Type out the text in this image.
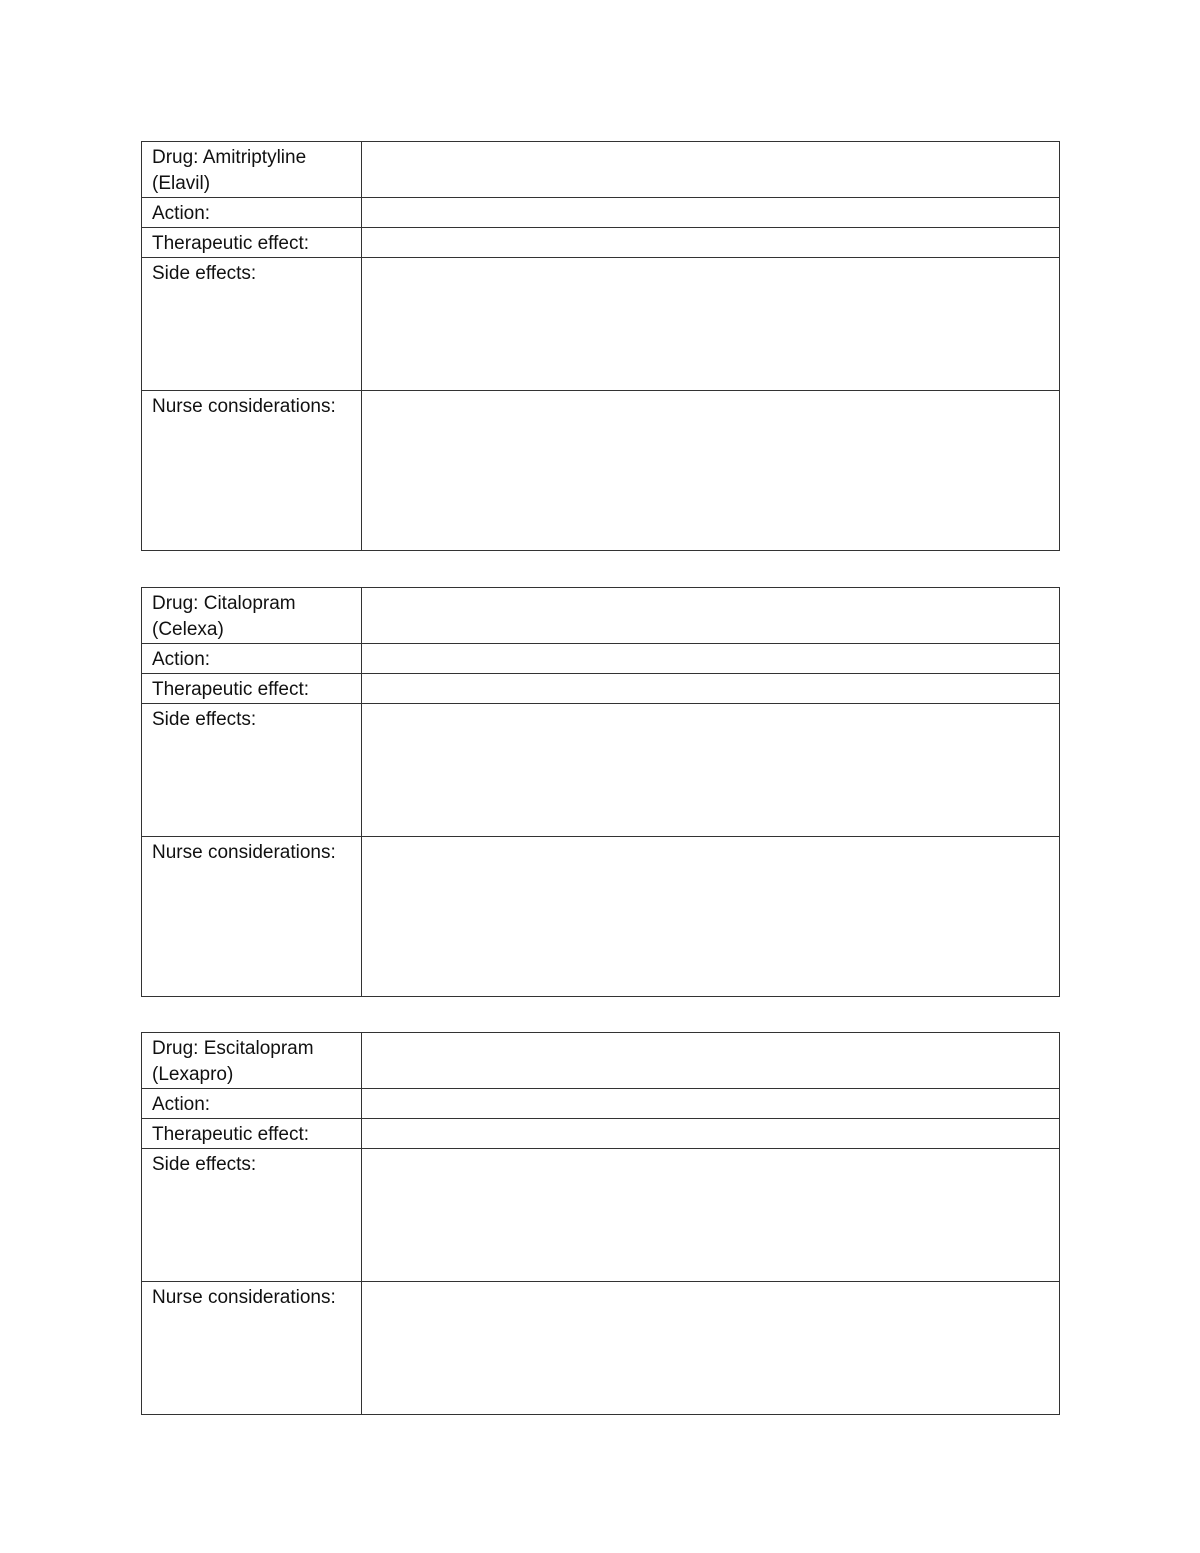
Drug: Amitriptyline (Elavil)	
Action:	
Therapeutic effect:	
Side effects:	
Nurse considerations:	
Drug: Citalopram (Celexa)	
Action:	
Therapeutic effect:	
Side effects:	
Nurse considerations:	
Drug: Escitalopram (Lexapro)	
Action:	
Therapeutic effect:	
Side effects:	
Nurse considerations:	
